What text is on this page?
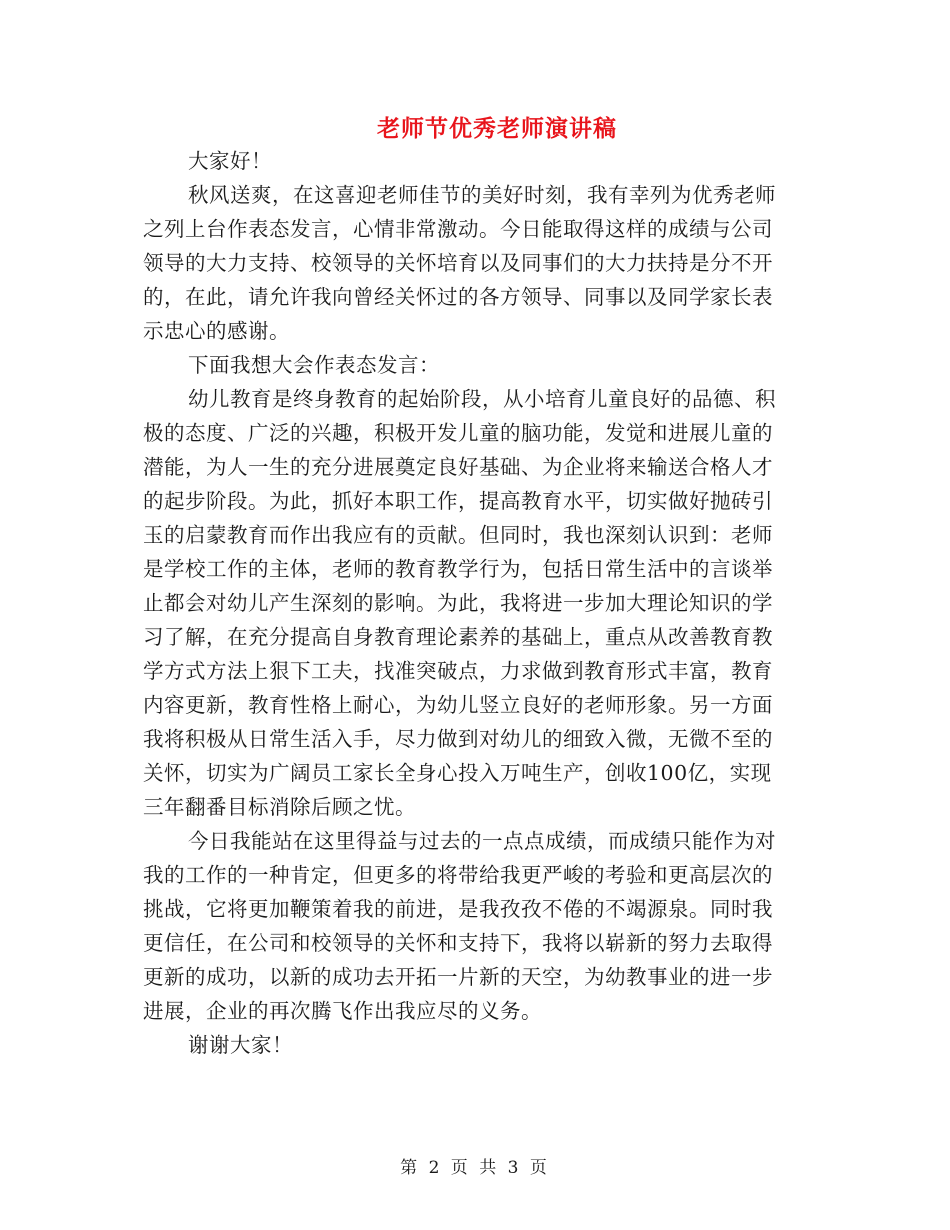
老师节优秀老师演讲稿
大家好！
秋风送爽，在这喜迎老师佳节的美好时刻，我有幸列为优秀老师
之列上台作表态发言，心情非常激动。今日能取得这样的成绩与公司
领导的大力支持、校领导的关怀培育以及同事们的大力扶持是分不开
的，在此，请允许我向曾经关怀过的各方领导、同事以及同学家长表
示忠心的感谢。
下面我想大会作表态发言：
幼儿教育是终身教育的起始阶段，从小培育儿童良好的品德、积
极的态度、广泛的兴趣，积极开发儿童的脑功能，发觉和进展儿童的
潜能，为人一生的充分进展奠定良好基础、为企业将来输送合格人才
的起步阶段。为此，抓好本职工作，提高教育水平，切实做好抛砖引
玉的启蒙教育而作出我应有的贡献。但同时，我也深刻认识到：老师
是学校工作的主体，老师的教育教学行为，包括日常生活中的言谈举
止都会对幼儿产生深刻的影响。为此，我将进一步加大理论知识的学
习了解，在充分提高自身教育理论素养的基础上，重点从改善教育教
学方式方法上狠下工夫，找准突破点，力求做到教育形式丰富，教育
内容更新，教育性格上耐心，为幼儿竖立良好的老师形象。另一方面
我将积极从日常生活入手，尽力做到对幼儿的细致入微，无微不至的
关怀，切实为广阔员工家长全身心投入万吨生产，创收100亿，实现
三年翻番目标消除后顾之忧。
今日我能站在这里得益与过去的一点点成绩，而成绩只能作为对
我的工作的一种肯定，但更多的将带给我更严峻的考验和更高层次的
挑战，它将更加鞭策着我的前进，是我孜孜不倦的不竭源泉。同时我
更信任，在公司和校领导的关怀和支持下，我将以崭新的努力去取得
更新的成功，以新的成功去开拓一片新的天空，为幼教事业的进一步
进展，企业的再次腾飞作出我应尽的义务。
谢谢大家！
第 2 页 共 3 页
